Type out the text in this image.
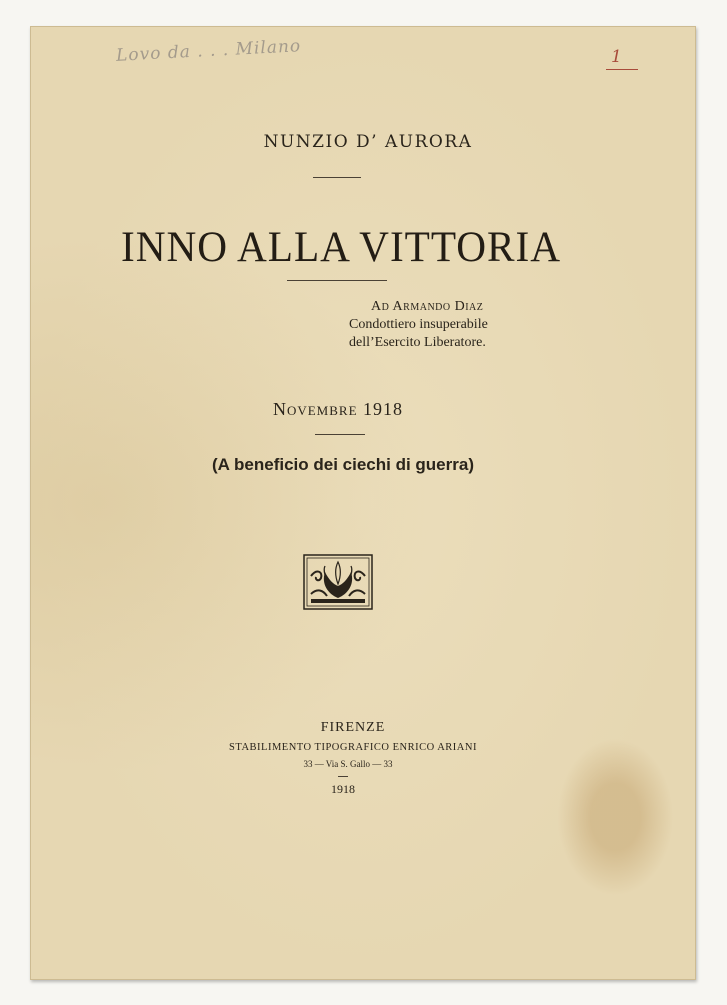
Lovo da . . . Milano	1
NUNZIO D’ AURORA
INNO ALLA VITTORIA
Ad Armando Diaz
Condottiero insuperabile
dell’Esercito Liberatore.
Novembre 1918
(A beneficio dei ciechi di guerra)
FIRENZE
STABILIMENTO TIPOGRAFICO ENRICO ARIANI
33 — Via S. Gallo — 33
1918
